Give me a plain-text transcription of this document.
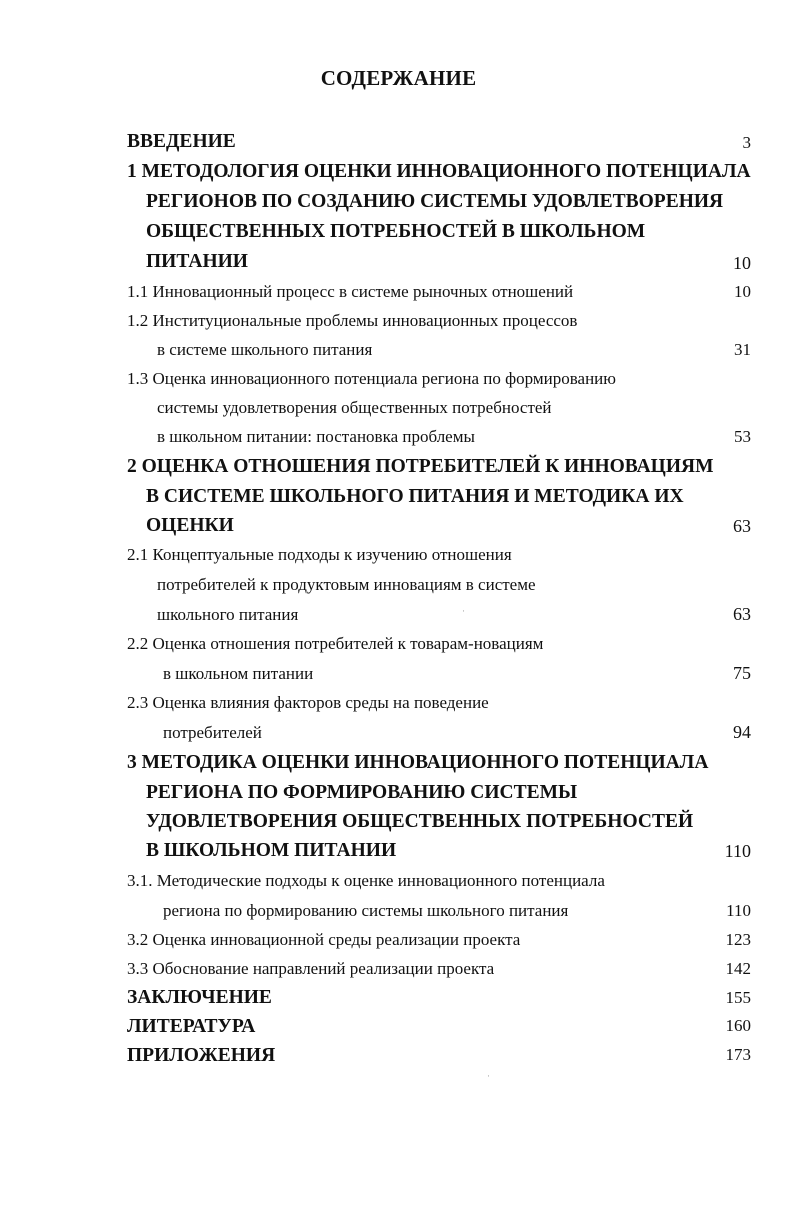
СОДЕРЖАНИЕ
ВВЕДЕНИЕ	3
1 МЕТОДОЛОГИЯ ОЦЕНКИ ИННОВАЦИОННОГО ПОТЕНЦИАЛА
РЕГИОНОВ ПО СОЗДАНИЮ СИСТЕМЫ УДОВЛЕТВОРЕНИЯ
ОБЩЕСТВЕННЫХ ПОТРЕБНОСТЕЙ В ШКОЛЬНОМ
ПИТАНИИ	10
1.1 Инновационный процесс в системе рыночных отношений	10
1.2 Институциональные проблемы инновационных процессов
в системе школьного питания	31
1.3 Оценка инновационного потенциала региона по формированию
системы удовлетворения общественных потребностей
в школьном питании: постановка проблемы	53
2 ОЦЕНКА ОТНОШЕНИЯ ПОТРЕБИТЕЛЕЙ К ИННОВАЦИЯМ
В СИСТЕМЕ ШКОЛЬНОГО ПИТАНИЯ И МЕТОДИКА ИХ
ОЦЕНКИ	63
2.1 Концептуальные подходы к изучению отношения
потребителей к продуктовым инновациям в системе
школьного питания	63
2.2 Оценка отношения потребителей к товарам-новациям
в школьном питании	75
2.3 Оценка влияния факторов среды на поведение
потребителей	94
3 МЕТОДИКА ОЦЕНКИ ИННОВАЦИОННОГО ПОТЕНЦИАЛА
РЕГИОНА ПО ФОРМИРОВАНИЮ СИСТЕМЫ
УДОВЛЕТВОРЕНИЯ ОБЩЕСТВЕННЫХ ПОТРЕБНОСТЕЙ
В ШКОЛЬНОМ ПИТАНИИ	110
3.1. Методические подходы к оценке инновационного потенциала
региона по формированию системы школьного питания	110
3.2 Оценка инновационной среды реализации проекта	123
3.3 Обоснование направлений реализации проекта	142
ЗАКЛЮЧЕНИЕ	155
ЛИТЕРАТУРА	160
ПРИЛОЖЕНИЯ	173
·
·
